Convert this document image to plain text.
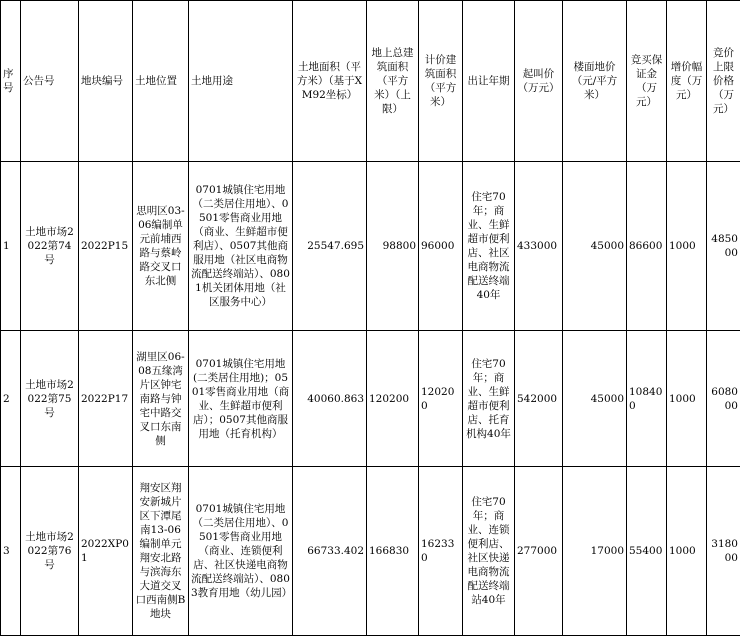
序号	公告号	地块编号	土地位置	土地用途	土地面积（平方米）（基于XM92坐标）	地上总建筑面积（平方米）（上限）	计价建筑面积（平方米）	出让年期	起叫价（万元）	楼面地价（元/平方米）	竞买保证金（万元）	增价幅度（万元）	竞价上限价格（万元）
1	土地市场2022第74号	2022P15	思明区03-06编制单元前埔西路与蔡岭路交叉口东北侧	0701城镇住宅用地（二类居住用地）、0501零售商业用地（商业、生鲜超市便利店）、0507其他商服用地（社区电商物流配送终端站）、0801机关团体用地（社区服务中心）	25547.695	98800	96000	住宅70年；商业、生鲜超市便利店、社区电商物流配送终端40年	433000	45000	86600	1000	485000
2	土地市场2022第75号	2022P17	湖里区06-08五缘湾片区钟宅南路与钟宅中路交叉口东南侧	0701城镇住宅用地(二类居住用地)；0501零售商业用地（商业、生鲜超市便利店）；0507其他商服用地（托育机构）	40060.863	120200	120200	住宅70年；商业、生鲜超市便利店、托育机构40年	542000	45000	108400	1000	608000
3	土地市场2022第76号	2022XP01	翔安区翔安新城片区下潭尾南13-06编制单元翔安北路与滨海东大道交叉口西南侧B地块	0701城镇住宅用地（二类居住用地）、0501零售商业用地（商业、连锁便利店、社区快递电商物流配送终端站）、0803教育用地（幼儿园）	66733.402	166830	162330	住宅70年；商业、连锁便利店、社区快递电商物流配送终端站40年	277000	17000	55400	1000	318000
